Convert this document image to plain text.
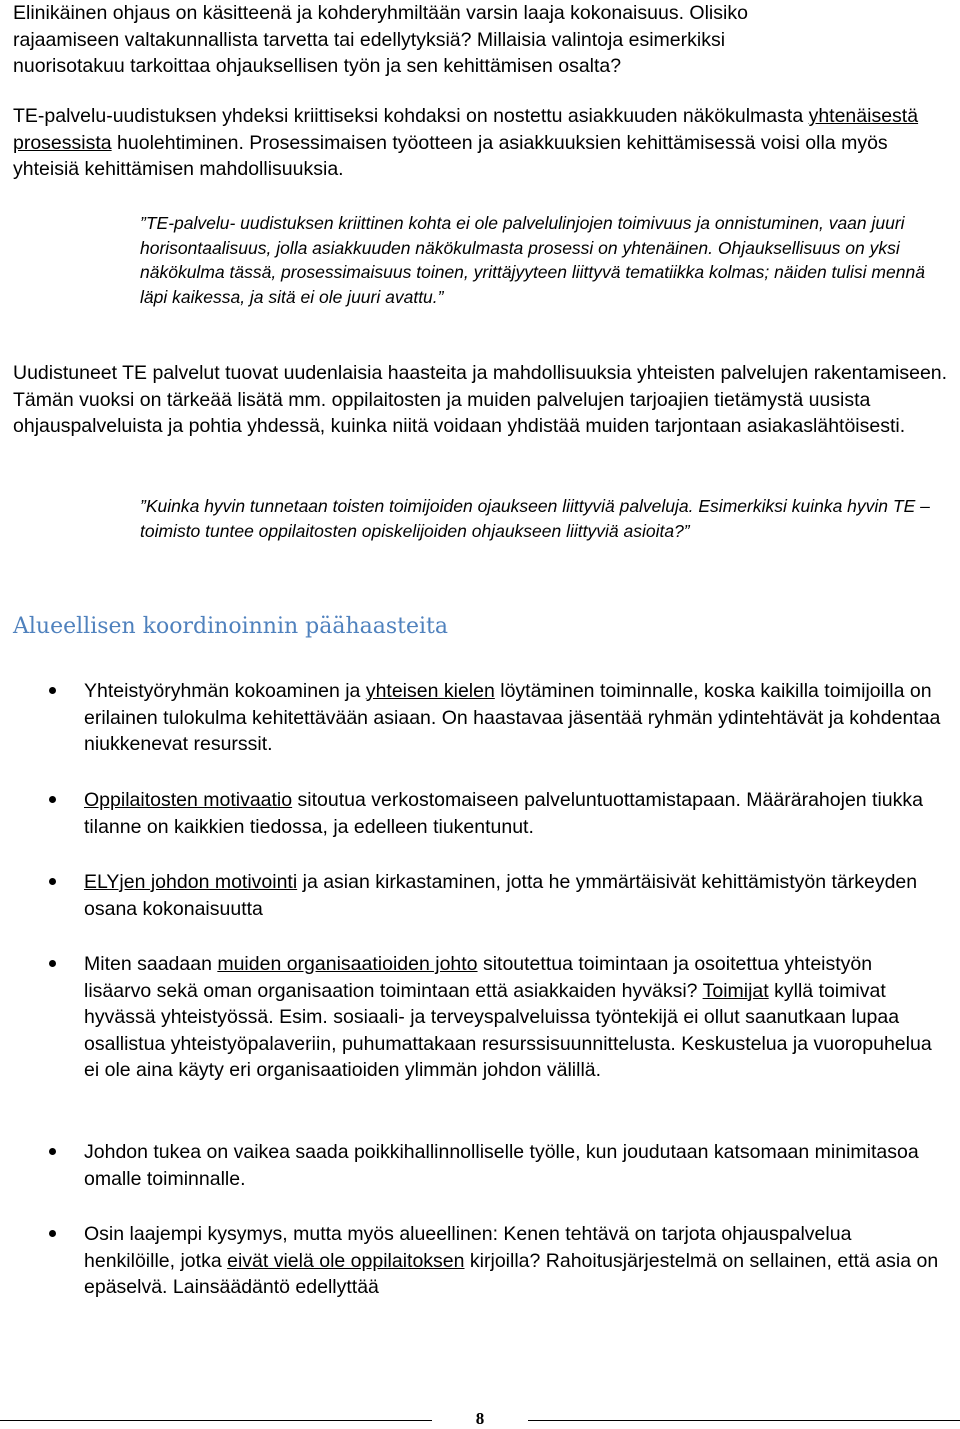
Elinikäinen ohjaus on käsitteenä ja kohderyhmiltään varsin laaja kokonaisuus. Olisiko
rajaamiseen valtakunnallista tarvetta tai edellytyksiä? Millaisia valintoja esimerkiksi
nuorisotakuu tarkoittaa ohjauksellisen työn ja sen kehittämisen osalta?

TE-palvelu-uudistuksen yhdeksi kriittiseksi kohdaksi on nostettu asiakkuuden näkökulmasta yhtenäisestä prosessista huolehtiminen. Prosessimaisen työotteen ja asiakkuuksien kehittämisessä voisi olla myös yhteisiä kehittämisen mahdollisuuksia.

”TE-palvelu- uudistuksen kriittinen kohta ei ole palvelulinjojen toimivuus ja onnistuminen, vaan juuri horisontaalisuus, jolla asiakkuuden näkökulmasta prosessi on yhtenäinen. Ohjauksellisuus on yksi näkökulma tässä, prosessimaisuus toinen, yrittäjyyteen liittyvä tematiikka kolmas; näiden tulisi mennä läpi kaikessa, ja sitä ei ole juuri avattu.”

Uudistuneet TE palvelut tuovat uudenlaisia haasteita ja mahdollisuuksia yhteisten palvelujen rakentamiseen. Tämän vuoksi on tärkeää lisätä mm. oppilaitosten ja muiden palvelujen tarjoajien tietämystä uusista ohjauspalveluista ja pohtia yhdessä, kuinka niitä voidaan yhdistää muiden tarjontaan asiakaslähtöisesti.

”Kuinka hyvin tunnetaan toisten toimijoiden ojaukseen liittyviä palveluja. Esimerkiksi kuinka hyvin TE – toimisto tuntee oppilaitosten opiskelijoiden ohjaukseen liittyviä asioita?”

Alueellisen koordinoinnin päähaasteita
Yhteistyöryhmän kokoaminen ja yhteisen kielen löytäminen toiminnalle, koska kaikilla toimijoilla on erilainen tulokulma kehitettävään asiaan. On haastavaa jäsentää ryhmän ydintehtävät ja kohdentaa niukkenevat resurssit.
Oppilaitosten motivaatio sitoutua verkostomaiseen palveluntuottamistapaan. Määrärahojen tiukka tilanne on kaikkien tiedossa, ja edelleen tiukentunut.
ELYjen johdon motivointi ja asian kirkastaminen, jotta he ymmärtäisivät kehittämistyön tärkeyden osana kokonaisuutta
Miten saadaan muiden organisaatioiden johto sitoutettua toimintaan ja osoitettua yhteistyön lisäarvo sekä oman organisaation toimintaan että asiakkaiden hyväksi? Toimijat kyllä toimivat hyvässä yhteistyössä. Esim. sosiaali- ja terveyspalveluissa työntekijä ei ollut saanutkaan lupaa osallistua yhteistyöpalaveriin, puhumattakaan resurssisuunnittelusta. Keskustelua ja vuoropuhelua ei ole aina käyty eri organisaatioiden ylimmän johdon välillä.
Johdon tukea on vaikea saada poikkihallinnolliselle työlle, kun joudutaan katsomaan minimitasoa omalle toiminnalle.
Osin laajempi kysymys, mutta myös alueellinen: Kenen tehtävä on tarjota ohjauspalvelua henkilöille, jotka eivät vielä ole oppilaitoksen kirjoilla? Rahoitusjärjestelmä on sellainen, että asia on epäselvä. Lainsäädäntö edellyttää
8
